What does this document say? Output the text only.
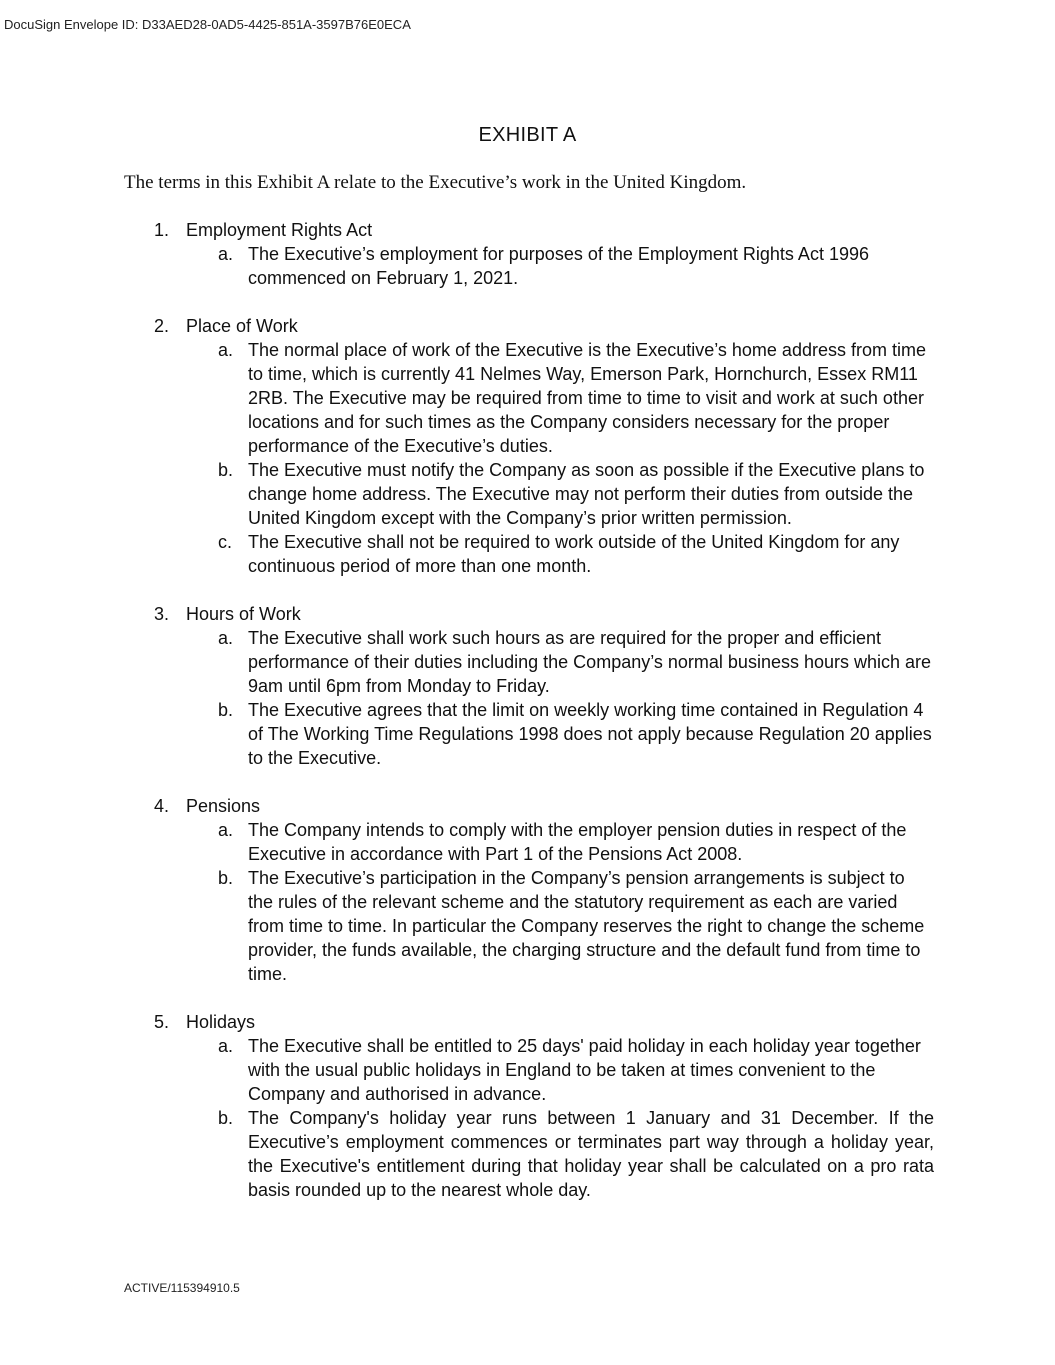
DocuSign Envelope ID: D33AED28-0AD5-4425-851A-3597B76E0ECA
EXHIBIT A
The terms in this Exhibit A relate to the Executive’s work in the United Kingdom.
1. Employment Rights Act
a. The Executive’s employment for purposes of the Employment Rights Act 1996 commenced on February 1, 2021.
2. Place of Work
a. The normal place of work of the Executive is the Executive’s home address from time to time, which is currently 41 Nelmes Way, Emerson Park, Hornchurch, Essex RM11 2RB. The Executive may be required from time to time to visit and work at such other locations and for such times as the Company considers necessary for the proper performance of the Executive’s duties.
b. The Executive must notify the Company as soon as possible if the Executive plans to change home address. The Executive may not perform their duties from outside the United Kingdom except with the Company’s prior written permission.
c. The Executive shall not be required to work outside of the United Kingdom for any continuous period of more than one month.
3. Hours of Work
a. The Executive shall work such hours as are required for the proper and efficient performance of their duties including the Company’s normal business hours which are 9am until 6pm from Monday to Friday.
b. The Executive agrees that the limit on weekly working time contained in Regulation 4 of The Working Time Regulations 1998 does not apply because Regulation 20 applies to the Executive.
4. Pensions
a. The Company intends to comply with the employer pension duties in respect of the Executive in accordance with Part 1 of the Pensions Act 2008.
b. The Executive’s participation in the Company’s pension arrangements is subject to the rules of the relevant scheme and the statutory requirement as each are varied from time to time. In particular the Company reserves the right to change the scheme provider, the funds available, the charging structure and the default fund from time to time.
5. Holidays
a. The Executive shall be entitled to 25 days' paid holiday in each holiday year together with the usual public holidays in England to be taken at times convenient to the Company and authorised in advance.
b. The Company's holiday year runs between 1 January and 31 December. If the Executive’s employment commences or terminates part way through a holiday year, the Executive's entitlement during that holiday year shall be calculated on a pro rata basis rounded up to the nearest whole day.
ACTIVE/115394910.5
